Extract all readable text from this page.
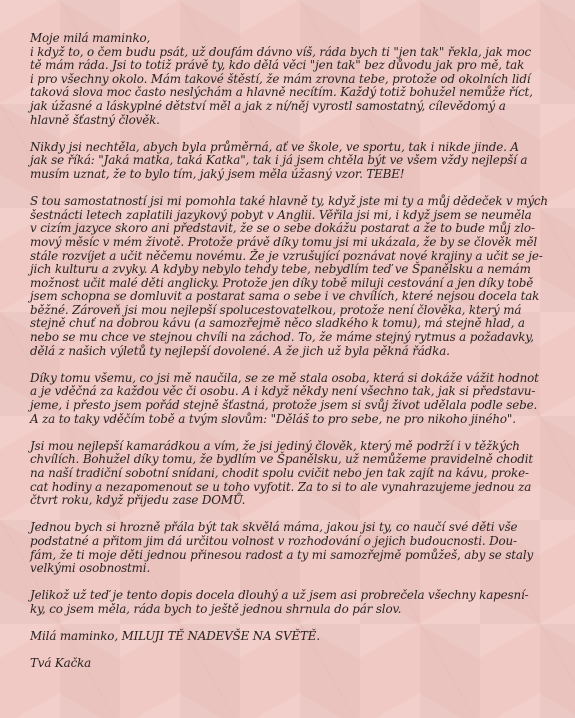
Moje milá maminko,
i když to, o čem budu psát, už doufám dávno víš, ráda bych ti "jen tak" řekla, jak moc
tě mám ráda. Jsi to totiž právě ty, kdo dělá věci "jen tak" bez důvodu jak pro mě, tak
i pro všechny okolo. Mám takové štěstí, že mám zrovna tebe, protože od okolních lidí
taková slova moc často neslýchám a hlavně necítím. Každý totiž bohužel nemůže říct,
jak úžasné a láskyplné dětství měl a jak z ní/něj vyrostl samostatný, cílevědomý a
hlavně šťastný člověk.

Nikdy jsi nechtěla, abych byla průměrná, ať ve škole, ve sportu, tak i nikde jinde. A
jak se říká: "Jaká matka, taká Katka", tak i já jsem chtěla být ve všem vždy nejlepší a
musím uznat, že to bylo tím, jaký jsem měla úžasný vzor. TEBE!

S tou samostatností jsi mi pomohla také hlavně ty, když jste mi ty a můj dědeček v mých
šestnácti letech zaplatili jazykový pobyt v Anglii. Věřila jsi mi, i když jsem se neuměla
v cizím jazyce skoro ani představit, že se o sebe dokážu postarat a že to bude můj zlo-
mový měsíc v mém životě. Protože právě díky tomu jsi mi ukázala, že by se člověk měl
stále rozvíjet a učit něčemu novému. Že je vzrušující poznávat nové krajiny a učit se je-
jich kulturu a zvyky. A kdyby nebylo tehdy tebe, nebydlím teď ve Španělsku a nemám
možnost učit malé děti anglicky. Protože jen díky tobě miluji cestování a jen díky tobě
jsem schopna se domluvit a postarat sama o sebe i ve chvílích, které nejsou docela tak
běžné. Zároveň jsi mou nejlepší spolucestovatelkou, protože není člověka, který má
stejně chuť na dobrou kávu (a samozřejmě něco sladkého k tomu), má stejně hlad, a
nebo se mu chce ve stejnou chvíli na záchod. To, že máme stejný rytmus a požadavky,
dělá z našich výletů ty nejlepší dovolené. A že jich už byla pěkná řádka.

Díky tomu všemu, co jsi mě naučila, se ze mě stala osoba, která si dokáže vážit hodnot
a je vděčná za každou věc či osobu. A i když někdy není všechno tak, jak si představu-
jeme, i přesto jsem pořád stejně šťastná, protože jsem si svůj život udělala podle sebe.
A za to taky vděčím tobě a tvým slovům: "Děláš to pro sebe, ne pro nikoho jiného".

Jsi mou nejlepší kamarádkou a vím, že jsi jediný člověk, který mě podrží i v těžkých
chvílích. Bohužel díky tomu, že bydlím ve Španělsku, už nemůžeme pravidelně chodit
na naší tradiční sobotní snídani, chodit spolu cvičit nebo jen tak zajít na kávu, proke-
cat hodiny a nezapomenout se u toho vyfotit. Za to si to ale vynahrazujeme jednou za
čtvrt roku, když přijedu zase DOMŮ.

Jednou bych si hrozně přála být tak skvělá máma, jakou jsi ty, co naučí své děti vše
podstatné a přitom jim dá určitou volnost v rozhodování o jejich budoucnosti. Dou-
fám, že ti moje děti jednou přinesou radost a ty mi samozřejmě pomůžeš, aby se staly
velkými osobnostmi.

Jelikož už teď je tento dopis docela dlouhý a už jsem asi probrečela všechny kapesní-
ky, co jsem měla, ráda bych to ještě jednou shrnula do pár slov.

Milá maminko, MILUJI TĚ NADEVŠE NA SVĚTĚ.

Tvá Kačka
